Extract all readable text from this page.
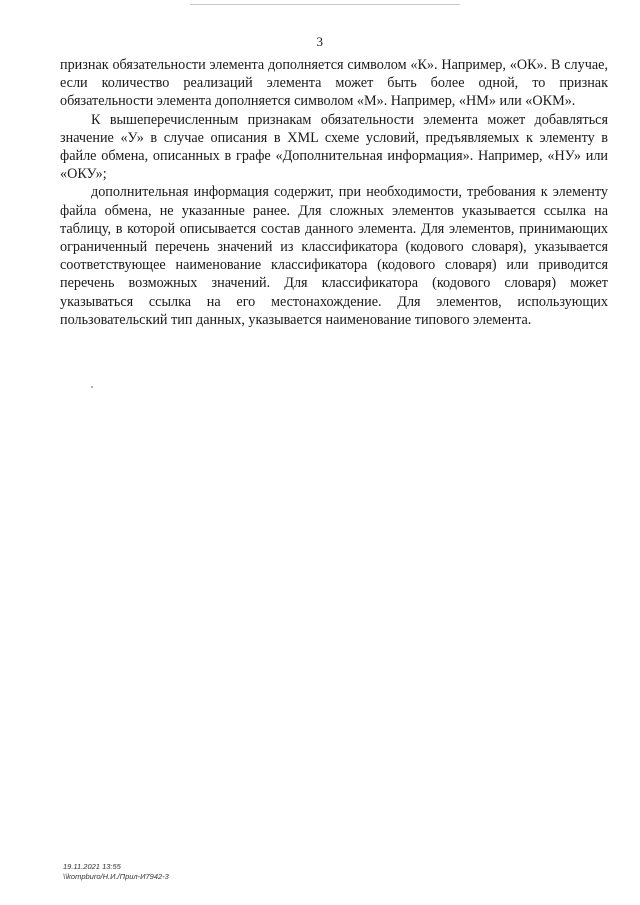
3

признак обязательности элемента дополняется символом «К». Например, «ОК». В случае, если количество реализаций элемента может быть более одной, то признак обязательности элемента дополняется символом «М». Например, «НМ» или «ОКМ».

К вышеперечисленным признакам обязательности элемента может добавляться значение «У» в случае описания в XML схеме условий, предъявляемых к элементу в файле обмена, описанных в графе «Дополнительная информация». Например, «НУ» или «ОКУ»;

дополнительная информация содержит, при необходимости, требования к элементу файла обмена, не указанные ранее. Для сложных элементов указывается ссылка на таблицу, в которой описывается состав данного элемента. Для элементов, принимающих ограниченный перечень значений из классификатора (кодового словаря), указывается соответствующее наименование классификатора (кодового словаря) или приводится перечень возможных значений. Для классификатора (кодового словаря) может указываться ссылка на его местонахождение. Для элементов, использующих пользовательский тип данных, указывается наименование типового элемента.

19.11.2021 13:55
\\kompburo/Н.И./Прил-И7942-3
